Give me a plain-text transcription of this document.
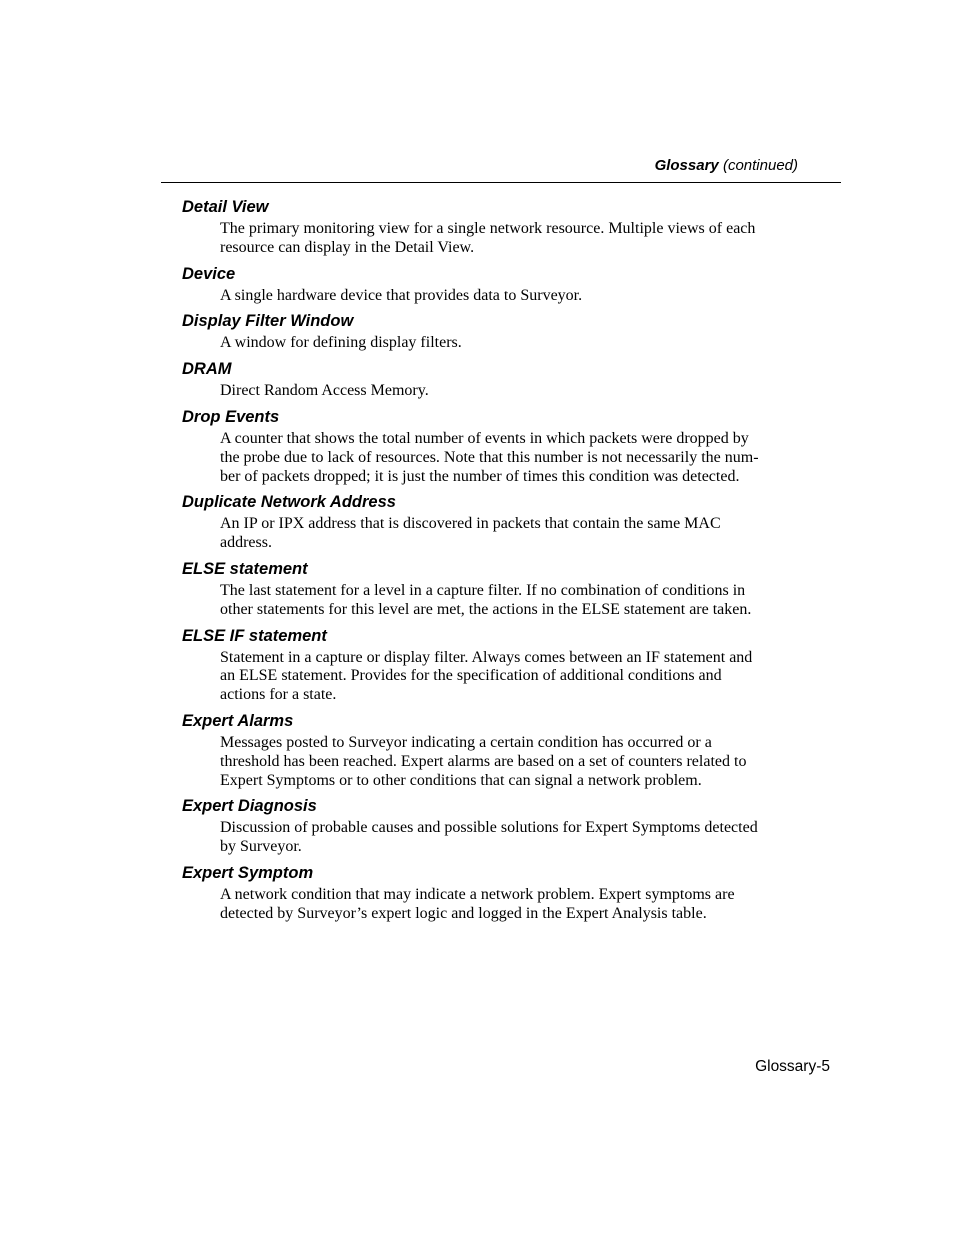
Glossary (continued)
Detail View
The primary monitoring view for a single network resource. Multiple views of each
resource can display in the Detail View.
Device
A single hardware device that provides data to Surveyor.
Display Filter Window
A window for defining display filters.
DRAM
Direct Random Access Memory.
Drop Events
A counter that shows the total number of events in which packets were dropped by
the probe due to lack of resources. Note that this number is not necessarily the num-
ber of packets dropped; it is just the number of times this condition was detected.
Duplicate Network Address
An IP or IPX address that is discovered in packets that contain the same MAC
address.
ELSE statement
The last statement for a level in a capture filter. If no combination of conditions in
other statements for this level are met, the actions in the ELSE statement are taken.
ELSE IF statement
Statement in a capture or display filter. Always comes between an IF statement and
an ELSE statement. Provides for the specification of additional conditions and
actions for a state.
Expert Alarms
Messages posted to Surveyor indicating a certain condition has occurred or a
threshold has been reached. Expert alarms are based on a set of counters related to
Expert Symptoms or to other conditions that can signal a network problem.
Expert Diagnosis
Discussion of probable causes and possible solutions for Expert Symptoms detected
by Surveyor.
Expert Symptom
A network condition that may indicate a network problem. Expert symptoms are
detected by Surveyor’s expert logic and logged in the Expert Analysis table.
Glossary-5
